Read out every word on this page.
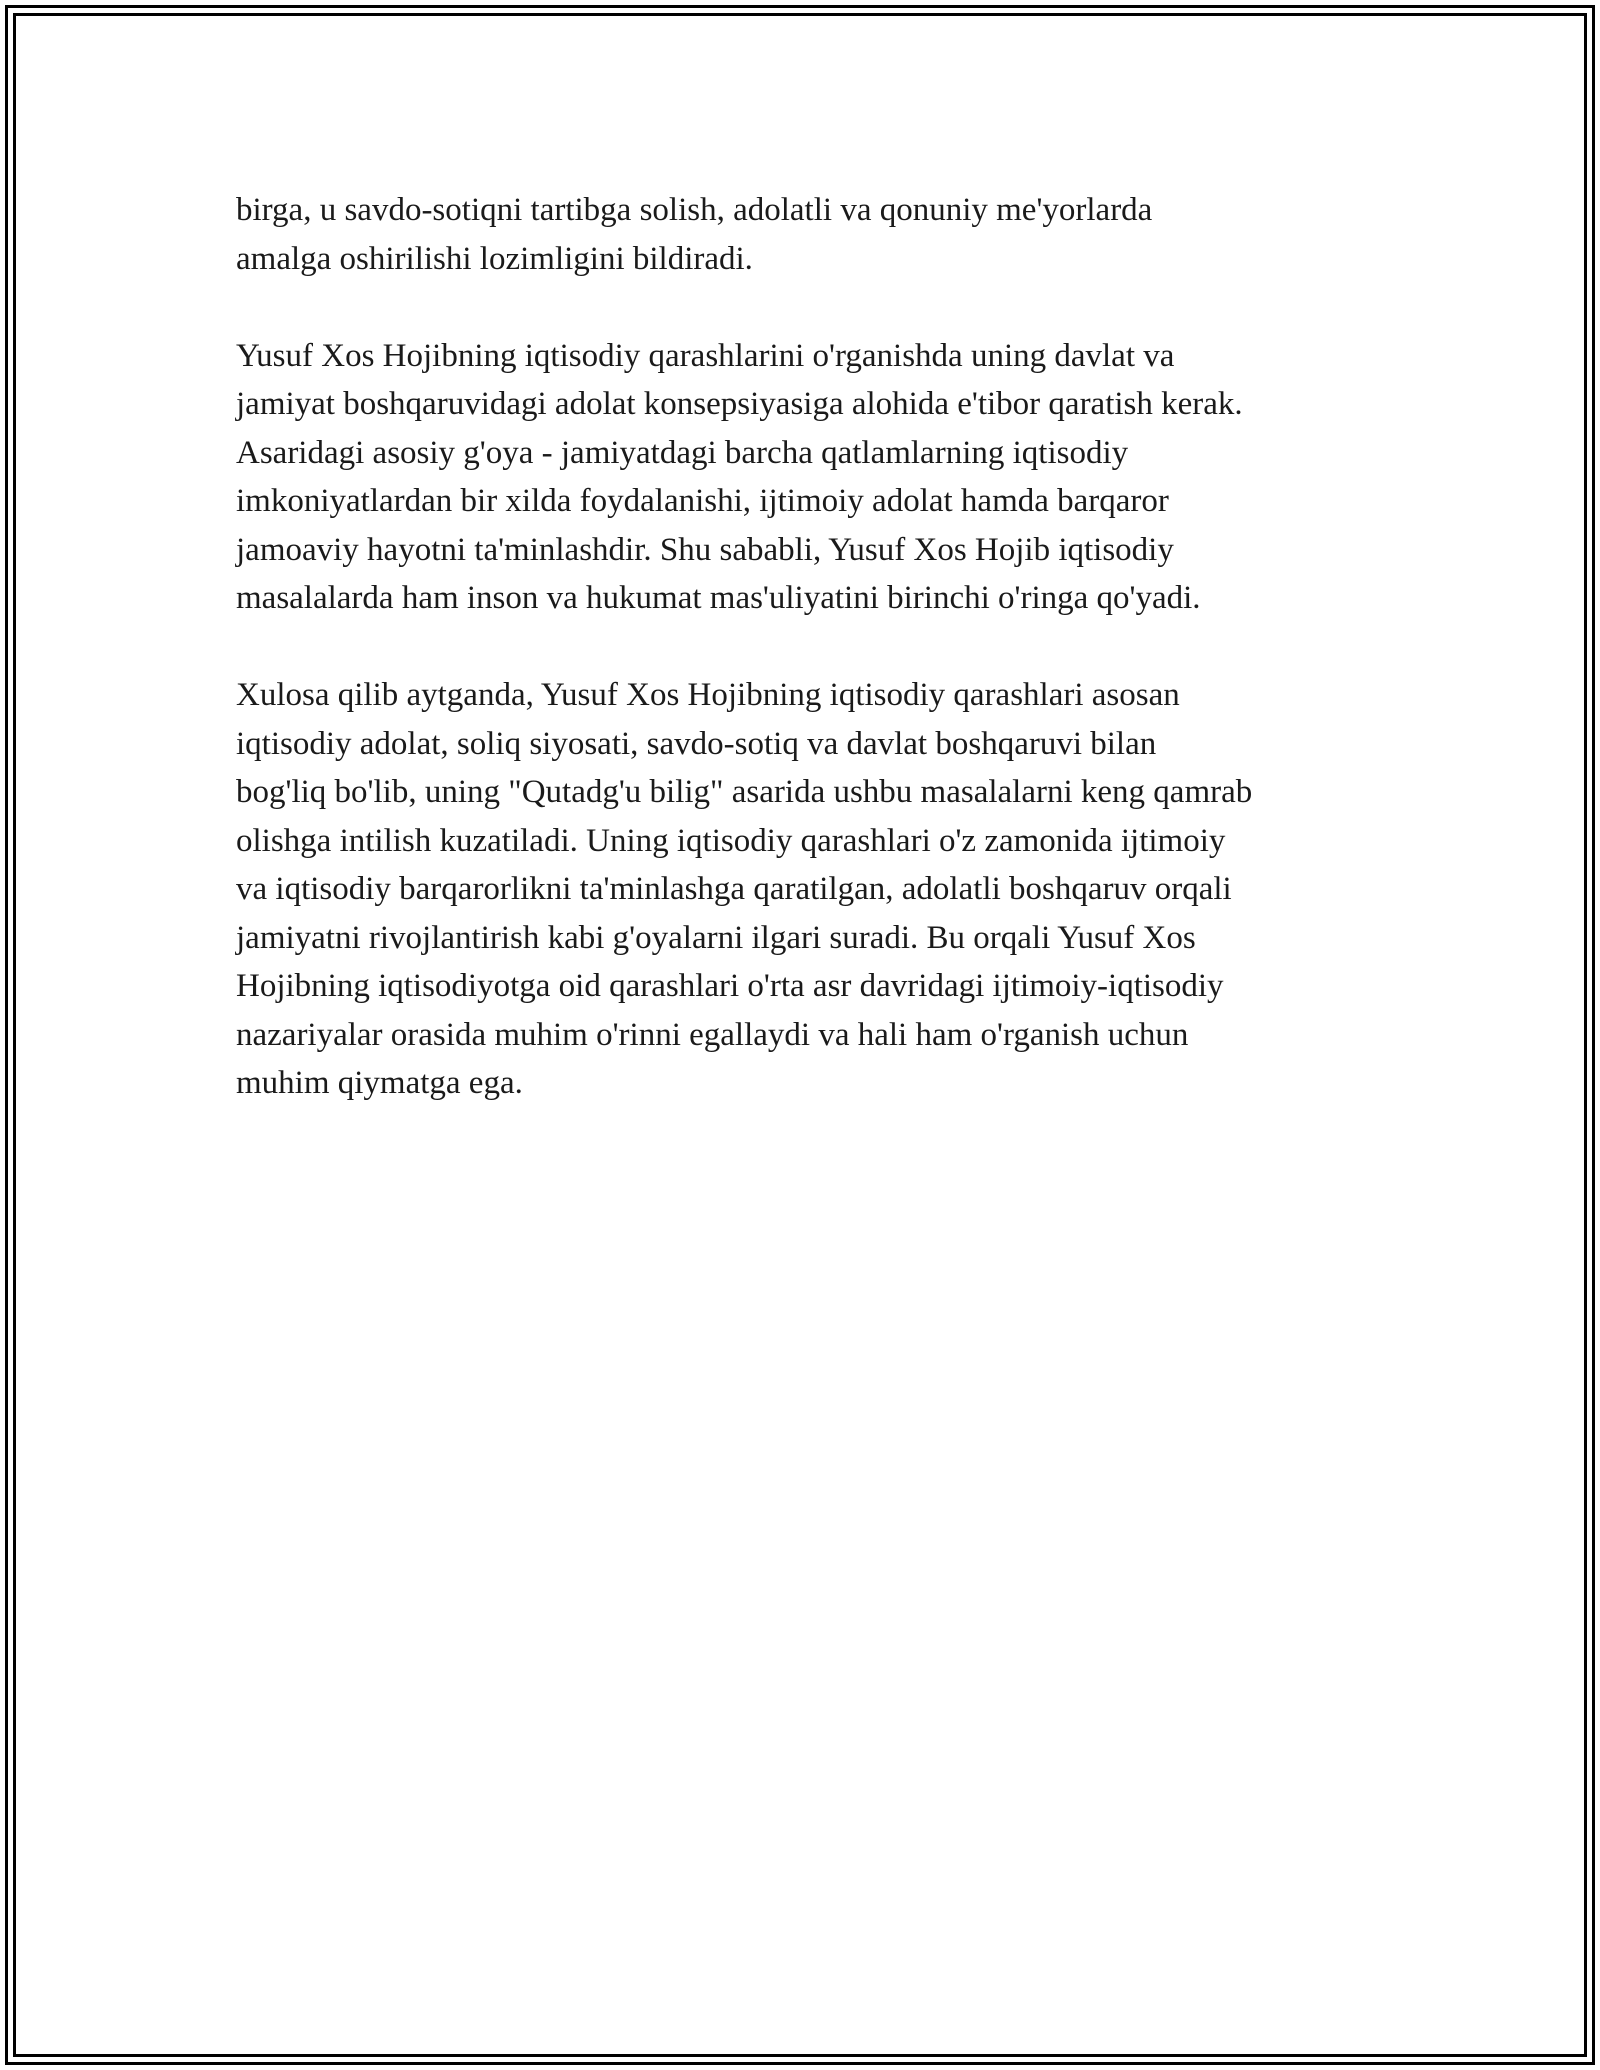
birga, u savdo-sotiqni tartibga solish, adolatli va qonuniy me'yorlarda
amalga oshirilishi lozimligini bildiradi.

Yusuf Xos Hojibning iqtisodiy qarashlarini o'rganishda uning davlat va
jamiyat boshqaruvidagi adolat konsepsiyasiga alohida e'tibor qaratish kerak.
Asaridagi asosiy g'oya - jamiyatdagi barcha qatlamlarning iqtisodiy
imkoniyatlardan bir xilda foydalanishi, ijtimoiy adolat hamda barqaror
jamoaviy hayotni ta'minlashdir. Shu sababli, Yusuf Xos Hojib iqtisodiy
masalalarda ham inson va hukumat mas'uliyatini birinchi o'ringa qo'yadi.

Xulosa qilib aytganda, Yusuf Xos Hojibning iqtisodiy qarashlari asosan
iqtisodiy adolat, soliq siyosati, savdo-sotiq va davlat boshqaruvi bilan
bog'liq bo'lib, uning "Qutadg'u bilig" asarida ushbu masalalarni keng qamrab
olishga intilish kuzatiladi. Uning iqtisodiy qarashlari o'z zamonida ijtimoiy
va iqtisodiy barqarorlikni ta'minlashga qaratilgan, adolatli boshqaruv orqali
jamiyatni rivojlantirish kabi g'oyalarni ilgari suradi. Bu orqali Yusuf Xos
Hojibning iqtisodiyotga oid qarashlari o'rta asr davridagi ijtimoiy-iqtisodiy
nazariyalar orasida muhim o'rinni egallaydi va hali ham o'rganish uchun
muhim qiymatga ega.
